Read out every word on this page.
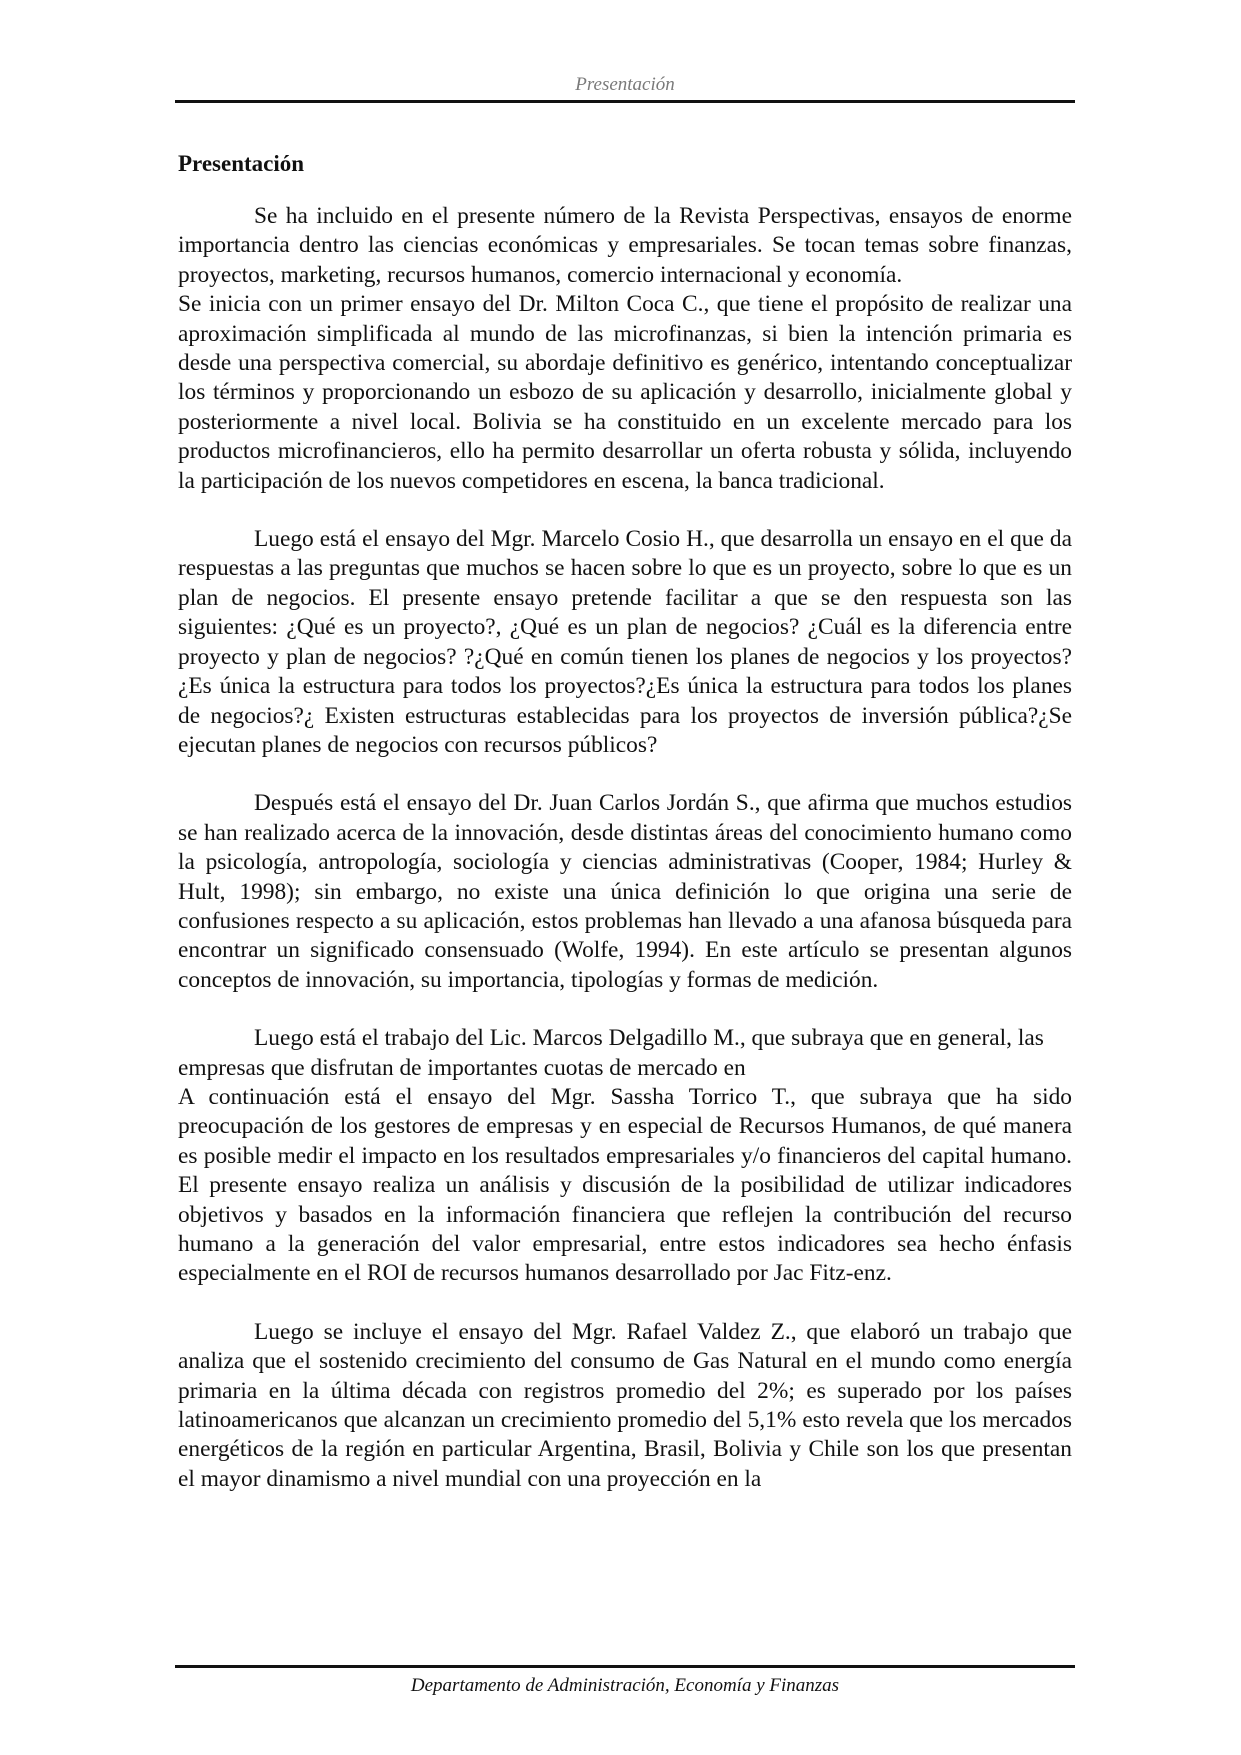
Presentación
Presentación

Se ha incluido en el presente número de la Revista Perspectivas, ensayos de enorme importancia dentro las ciencias económicas y empresariales. Se tocan temas sobre finanzas, proyectos, marketing, recursos humanos, comercio internacional y economía.

Se inicia con un primer ensayo del Dr. Milton Coca C., que tiene el propósito de realizar una aproximación simplificada al mundo de las microfinanzas, si bien la intención primaria es desde una perspectiva comercial, su abordaje definitivo es genérico, intentando conceptualizar los términos y proporcionando un esbozo de su aplicación y desarrollo, inicialmente global y posteriormente a nivel local. Bolivia se ha constituido en un excelente mercado para los productos microfinancieros, ello ha permito desarrollar un oferta robusta y sólida, incluyendo la participación de los nuevos competidores en escena, la banca tradicional.

Luego está el ensayo del Mgr. Marcelo Cosio H., que desarrolla un ensayo en el que da respuestas a las preguntas que muchos se hacen sobre lo que es un proyecto, sobre lo que es un plan de negocios. El presente ensayo pretende facilitar a que se den respuesta son las siguientes: ¿Qué es un proyecto?, ¿Qué es un plan de negocios? ¿Cuál es la diferencia entre proyecto y plan de negocios? ?¿Qué en común tienen los planes de negocios y los proyectos?¿Es única la estructura para todos los proyectos?¿Es única la estructura para todos los planes de negocios?¿ Existen estructuras establecidas para los proyectos de inversión pública?¿Se ejecutan planes de negocios con recursos públicos?

Después está el ensayo del Dr. Juan Carlos Jordán S., que afirma que muchos estudios se han realizado acerca de la innovación, desde distintas áreas del conocimiento humano como la psicología, antropología, sociología y ciencias administrativas (Cooper, 1984; Hurley & Hult, 1998); sin embargo, no existe una única definición lo que origina una serie de confusiones respecto a su aplicación, estos problemas han llevado a una afanosa búsqueda para encontrar un significado consensuado (Wolfe, 1994). En este artículo se presentan algunos conceptos de innovación, su importancia, tipologías y formas de medición.

Luego está el trabajo del Lic. Marcos Delgadillo M., que subraya que en general, las empresas que disfrutan de importantes cuotas de mercado en

A continuación está el ensayo del Mgr. Sassha Torrico T., que subraya que ha sido preocupación de los gestores de empresas y en especial de Recursos Humanos, de qué manera es posible medir el impacto en los resultados empresariales y/o financieros del capital humano. El presente ensayo realiza un análisis y discusión de la posibilidad de utilizar indicadores objetivos y basados en la información financiera que reflejen la contribución del recurso humano a la generación del valor empresarial, entre estos indicadores sea hecho énfasis especialmente en el ROI de recursos humanos desarrollado por Jac Fitz-enz.

Luego se incluye el ensayo del Mgr. Rafael Valdez Z., que elaboró un trabajo que analiza que el sostenido crecimiento del consumo de Gas Natural en el mundo como energía primaria en la última década con registros promedio del 2%; es superado por los países latinoamericanos que alcanzan un crecimiento promedio del 5,1% esto revela que los mercados energéticos de la región en particular Argentina, Brasil, Bolivia y Chile son los que presentan el mayor dinamismo a nivel mundial con una proyección en la

Departamento de Administración, Economía y Finanzas
